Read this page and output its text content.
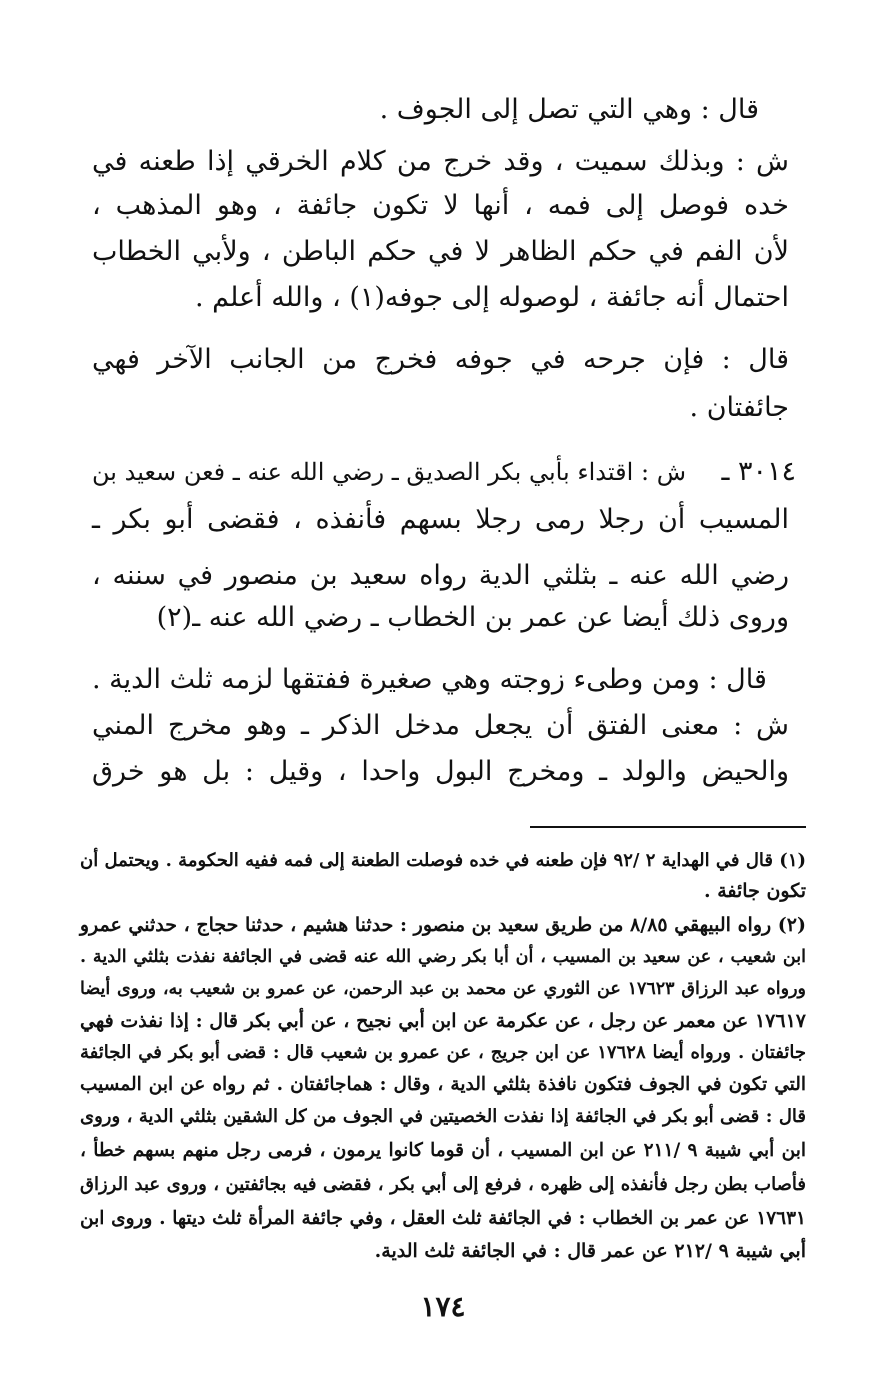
قال : وهي التي تصل إلى الجوف .
ش : وبذلك سميت ، وقد خرج من كلام الخرقي إذا طعنه في
خده فوصل إلى فمه ، أنها لا تكون جائفة ، وهو المذهب ،
لأن الفم في حكم الظاهر لا في حكم الباطن ، ولأبي الخطاب
احتمال أنه جائفة ، لوصوله إلى جوفه(١) ، والله أعلم .
قال : فإن جرحه في جوفه فخرج من الجانب الآخر فهي
جائفتان .
٣٠١٤ ـ
ش : اقتداء بأبي بكر الصديق ـ رضي الله عنه ـ فعن سعيد بن
المسيب أن رجلا رمى رجلا بسهم فأنفذه ، فقضى أبو بكر ـ
رضي الله عنه ـ بثلثي الدية رواه سعيد بن منصور في سننه ،
وروى ذلك أيضا عن عمر بن الخطاب ـ رضي الله عنه ـ(٢)
قال : ومن وطىء زوجته وهي صغيرة ففتقها لزمه ثلث الدية .
ش : معنى الفتق أن يجعل مدخل الذكر ـ وهو مخرج المني
والحيض والولد ـ ومخرج البول واحدا ، وقيل : بل هو خرق
(١) قال في الهداية ٢ /٩٢ فإن طعنه في خده فوصلت الطعنة إلى فمه ففيه الحكومة . ويحتمل أن
تكون جائفة .
(٢) رواه البيهقي ٨/٨٥ من طريق سعيد بن منصور : حدثنا هشيم ، حدثنا حجاج ، حدثني عمرو
ابن شعيب ، عن سعيد بن المسيب ، أن أبا بكر رضي الله عنه قضى في الجائفة نفذت بثلثي الدية .
ورواه عبد الرزاق ١٧٦٢٣ عن الثوري عن محمد بن عبد الرحمن، عن عمرو بن شعيب به، وروى أيضا
١٧٦١٧ عن معمر عن رجل ، عن عكرمة عن ابن أبي نجيح ، عن أبي بكر قال : إذا نفذت فهي
جائفتان . ورواه أيضا ١٧٦٢٨ عن ابن جريج ، عن عمرو بن شعيب قال : قضى أبو بكر في الجائفة
التي تكون في الجوف فتكون نافذة بثلثي الدية ، وقال : هماجائفتان . ثم رواه عن ابن المسيب
قال : قضى أبو بكر في الجائفة إذا نفذت الخصيتين في الجوف من كل الشقين بثلثي الدية ، وروى
ابن أبي شيبة ٩ /٢١١ عن ابن المسيب ، أن قوما كانوا يرمون ، فرمى رجل منهم بسهم خطأ ،
فأصاب بطن رجل فأنفذه إلى ظهره ، فرفع إلى أبي بكر ، فقضى فيه بجائفتين ، وروى عبد الرزاق
١٧٦٣١ عن عمر بن الخطاب : في الجائفة ثلث العقل ، وفي جائفة المرأة ثلث ديتها . وروى ابن
أبي شيبة ٩ /٢١٢ عن عمر قال : في الجائفة ثلث الدية.
١٧٤
